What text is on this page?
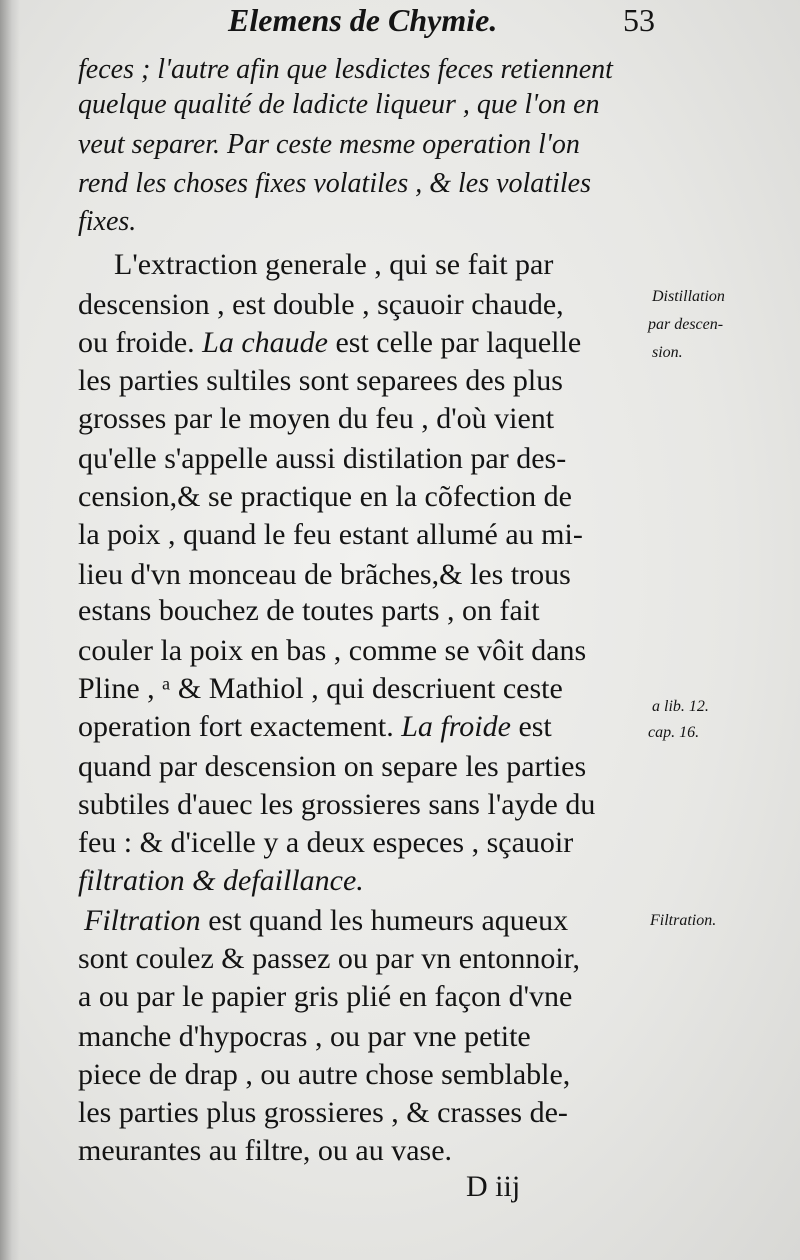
Elemens de Chymie.	53
feces ; l'autre afin que lesdictes feces retiennent
quelque qualité de ladicte liqueur , que l'on en
veut separer. Par ceste mesme operation l'on
rend les choses fixes volatiles , & les volatiles
fixes.
L'extraction generale , qui se fait par
descension , est double , sçauoir chaude,
ou froide. La chaude est celle par laquelle
les parties sultiles sont separees des plus
grosses par le moyen du feu , d'où vient
qu'elle s'appelle aussi distilation par des-
cension,& se practique en la cõfection de
la poix , quand le feu estant allumé au mi-
lieu d'vn monceau de brãches,& les trous
estans bouchez de toutes parts , on fait
couler la poix en bas , comme se vôit dans
Pline , ᵃ & Mathiol , qui descriuent ceste
operation fort exactement. La froide est
quand par descension on separe les parties
subtiles d'auec les grossieres sans l'ayde du
feu : & d'icelle y a deux especes , sçauoir
filtration & defaillance.
Filtration est quand les humeurs aqueux
sont coulez & passez ou par vn entonnoir,
a ou par le papier gris plié en façon d'vne
manche d'hypocras , ou par vne petite
piece de drap , ou autre chose semblable,
les parties plus grossieres , & crasses de-
meurantes au filtre, ou au vase.
Distillation
par descen-
sion.
a lib. 12.
cap. 16.
Filtration.
D iij
